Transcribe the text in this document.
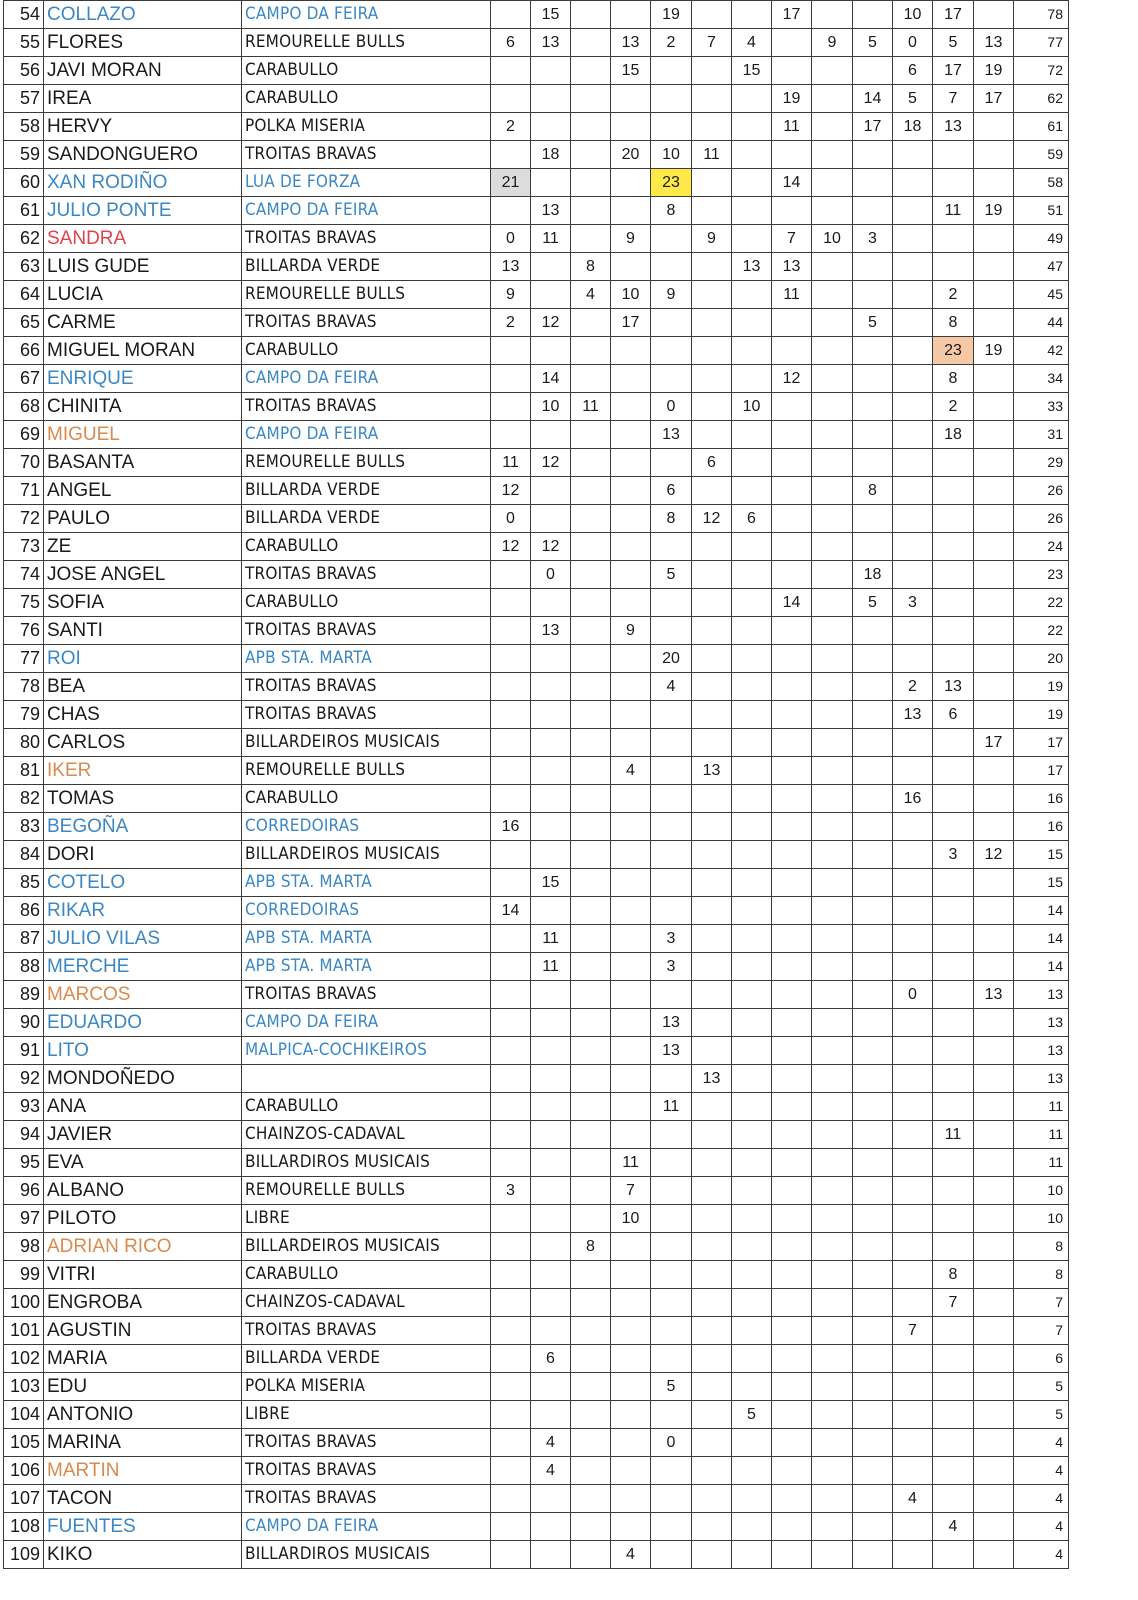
54	COLLAZO	CAMPO DA FEIRA		15			19			17			10	17		78
55	FLORES	REMOURELLE BULLS	6	13		13	2	7	4		9	5	0	5	13	77
56	JAVI MORAN	CARABULLO				15			15				6	17	19	72
57	IREA	CARABULLO								19		14	5	7	17	62
58	HERVY	POLKA MISERIA	2							11		17	18	13		61
59	SANDONGUERO	TROITAS BRAVAS		18		20	10	11								59
60	XAN RODIÑO	LUA DE FORZA	21				23			14						58
61	JULIO PONTE	CAMPO DA FEIRA		13			8							11	19	51
62	SANDRA	TROITAS BRAVAS	0	11		9		9		7	10	3				49
63	LUIS GUDE	BILLARDA VERDE	13		8				13	13						47
64	LUCIA	REMOURELLE BULLS	9		4	10	9			11				2		45
65	CARME	TROITAS BRAVAS	2	12		17						5		8		44
66	MIGUEL MORAN	CARABULLO												23	19	42
67	ENRIQUE	CAMPO DA FEIRA		14						12				8		34
68	CHINITA	TROITAS BRAVAS		10	11		0		10					2		33
69	MIGUEL	CAMPO DA FEIRA					13							18		31
70	BASANTA	REMOURELLE BULLS	11	12				6								29
71	ANGEL	BILLARDA VERDE	12				6					8				26
72	PAULO	BILLARDA VERDE	0				8	12	6							26
73	ZE	CARABULLO	12	12												24
74	JOSE ANGEL	TROITAS BRAVAS		0			5					18				23
75	SOFIA	CARABULLO								14		5	3			22
76	SANTI	TROITAS BRAVAS		13		9										22
77	ROI	APB STA. MARTA					20									20
78	BEA	TROITAS BRAVAS					4						2	13		19
79	CHAS	TROITAS BRAVAS											13	6		19
80	CARLOS	BILLARDEIROS MUSICAIS													17	17
81	IKER	REMOURELLE BULLS				4		13								17
82	TOMAS	CARABULLO											16			16
83	BEGOÑA	CORREDOIRAS	16													16
84	DORI	BILLARDEIROS MUSICAIS												3	12	15
85	COTELO	APB STA. MARTA		15												15
86	RIKAR	CORREDOIRAS	14													14
87	JULIO VILAS	APB STA. MARTA		11			3									14
88	MERCHE	APB STA. MARTA		11			3									14
89	MARCOS	TROITAS BRAVAS											0		13	13
90	EDUARDO	CAMPO DA FEIRA					13									13
91	LITO	MALPICA-COCHIKEIROS					13									13
92	MONDOÑEDO							13								13
93	ANA	CARABULLO					11									11
94	JAVIER	CHAINZOS-CADAVAL												11		11
95	EVA	BILLARDIROS MUSICAIS				11										11
96	ALBANO	REMOURELLE BULLS	3			7										10
97	PILOTO	LIBRE				10										10
98	ADRIAN RICO	BILLARDEIROS MUSICAIS			8											8
99	VITRI	CARABULLO												8		8
100	ENGROBA	CHAINZOS-CADAVAL												7		7
101	AGUSTIN	TROITAS BRAVAS											7			7
102	MARIA	BILLARDA VERDE		6												6
103	EDU	POLKA MISERIA					5									5
104	ANTONIO	LIBRE							5							5
105	MARINA	TROITAS BRAVAS		4			0									4
106	MARTIN	TROITAS BRAVAS		4												4
107	TACON	TROITAS BRAVAS											4			4
108	FUENTES	CAMPO DA FEIRA												4		4
109	KIKO	BILLARDIROS MUSICAIS				4										4
